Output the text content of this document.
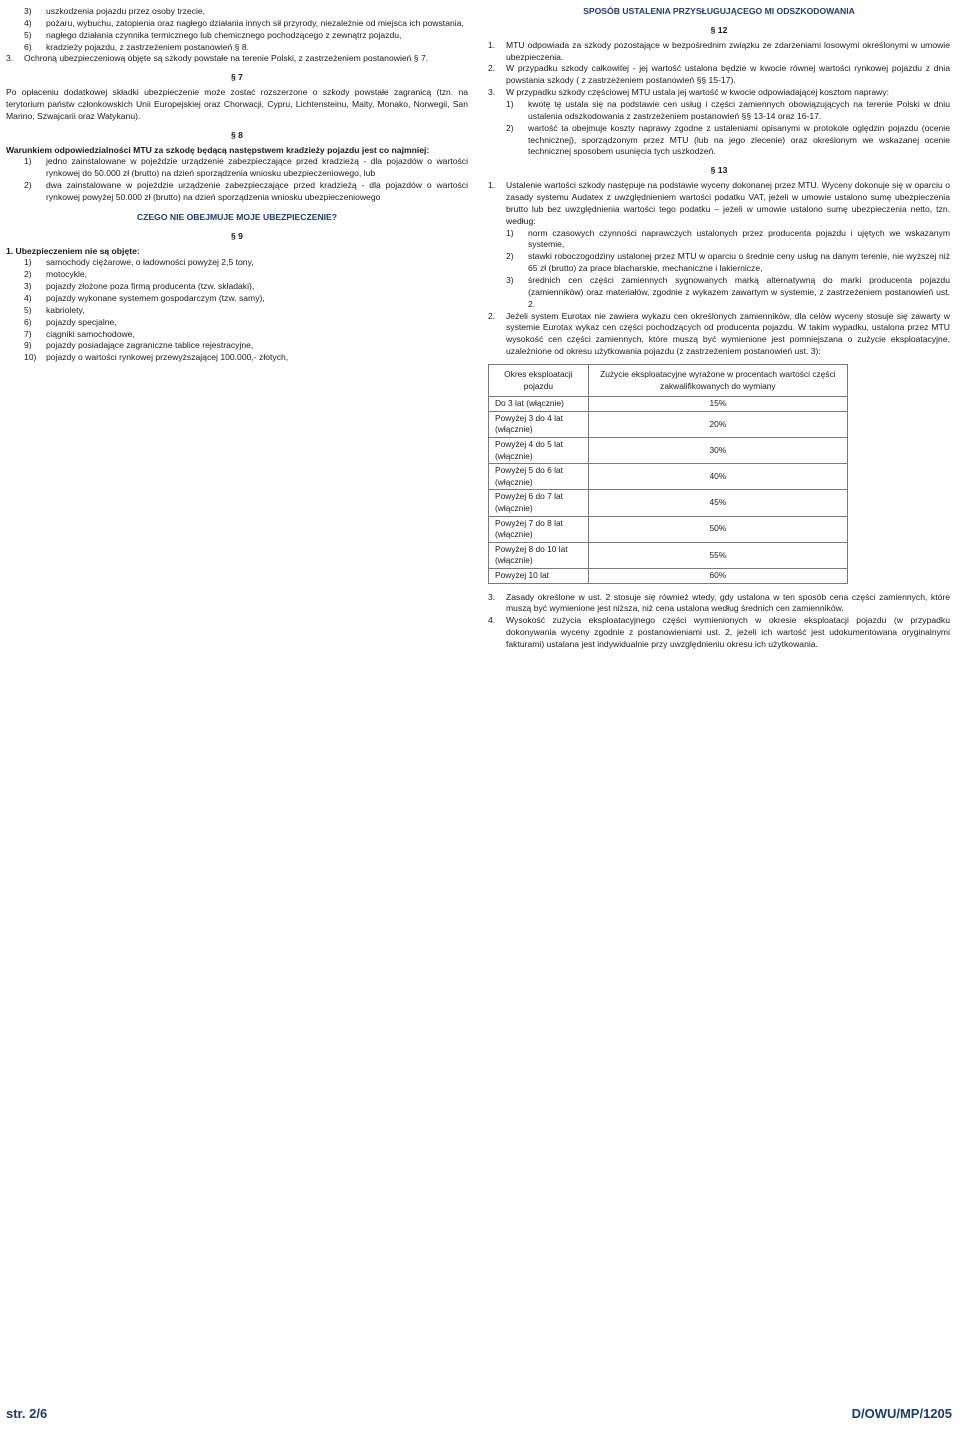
3)	uszkodzenia pojazdu przez osoby trzecie,
4)	pożaru, wybuchu, zatopienia oraz nagłego działania innych sił przyrody, niezależnie od miejsca ich powstania,
5)	nagłego działania czynnika termicznego lub chemicznego pochodzącego z zewnątrz pojazdu,
6)	kradzieży pojazdu, z zastrzeżeniem postanowień § 8.
3.	Ochroną ubezpieczeniową objęte są szkody powstałe na terenie Polski, z zastrzeżeniem postanowień § 7.
§ 7

Po opłaceniu dodatkowej składki ubezpieczenie może zostać rozszerzone o szkody powstałe zagranicą (tzn. na terytorium państw członkowskich Unii Europejskiej oraz Chorwacji, Cypru, Lichtensteinu, Malty, Monako, Norwegii, San Marino, Szwajcarii oraz Watykanu).

§ 8

Warunkiem odpowiedzialności MTU za szkodę będącą następstwem kradzieży pojazdu jest co najmniej:

1)	jedno zainstalowane w pojeździe urządzenie zabezpieczające przed kradzieżą - dla pojazdów o wartości rynkowej do 50.000 zł (brutto) na dzień sporządzenia wniosku ubezpieczeniowego, lub
2)	dwa zainstalowane w pojeździe urządzenie zabezpieczające przed kradzieżą - dla pojazdów o wartości rynkowej powyżej 50.000 zł (brutto) na dzień sporządzenia wniosku ubezpieczeniowego
CZEGO NIE OBEJMUJE MOJE UBEZPIECZENIE?
§ 9

1. Ubezpieczeniem nie są objęte:

1)	samochody ciężarowe, o ładowności powyżej 2,5 tony,
2)	motocykle,
3)	pojazdy złożone poza firmą producenta (tzw. składaki),
4)	pojazdy wykonane systemem gospodarczym (tzw. samy),
5)	kabriolety,
6)	pojazdy specjalne,
7)	ciągniki samochodowe,
9)	pojazdy posiadające zagraniczne tablice rejestracyjne,
10)	pojazdy o wartości rynkowej przewyższającej 100.000,- złotych,
SPOSÓB USTALENIA PRZYSŁUGUJĄCEGO MI ODSZKODOWANIA
§ 12
1.	MTU odpowiada za szkody pozostające w bezpośrednim związku ze zdarzeniami losowymi określonymi w umowie ubezpieczenia.
2.	W przypadku szkody całkowitej - jej wartość ustalona będzie w kwocie równej wartości rynkowej pojazdu z dnia powstania szkody ( z zastrzeżeniem postanowień §§ 15-17).
3.	W przypadku szkody częściowej MTU ustala jej wartość w kwocie odpowiadającej kosztom naprawy:
1)	kwotę tę ustala się na podstawie cen usług i części zamiennych obowiązujących na terenie Polski w dniu ustalenia odszkodowania z zastrzeżeniem postanowień §§ 13-14 oraz 16-17.
2)	wartość ta obejmuje koszty naprawy zgodne z ustaleniami opisanymi w protokole oględzin pojazdu (ocenie technicznej), sporządzonym przez MTU (lub na jego zlecenie) oraz określonym we wskazanej ocenie technicznej sposobem usunięcia tych uszkodzeń.
§ 13
1.	Ustalenie wartości szkody następuje na podstawie wyceny dokonanej przez MTU. Wyceny dokonuje się w oparciu o zasady systemu Audatex z uwzględnieniem wartości podatku VAT, jeżeli w umowie ustalono sumę ubezpieczenia brutto lub bez uwzględnienia wartości tego podatku – jeżeli w umowie ustalono sumę ubezpieczenia netto, tzn. według:
1)	norm czasowych czynności naprawczych ustalonych przez producenta pojazdu i ujętych we wskazanym systemie,
2)	stawki roboczogodziny ustalonej przez MTU w oparciu o średnie ceny usług na danym terenie, nie wyższej niż 65 zł (brutto) za prace blacharskie, mechaniczne i lakiernicze,
3)	średnich cen części zamiennych sygnowanych marką alternatywną do marki producenta pojazdu (zamienników) oraz materiałów, zgodnie z wykazem zawartym w systemie, z zastrzeżeniem postanowień ust. 2.
2.	Jeżeli system Eurotax nie zawiera wykazu cen określonych zamienników, dla celów wyceny stosuje się zawarty w systemie Eurotax wykaz cen części pochodzących od producenta pojazdu. W takim wypadku, ustalona przez MTU wysokość cen części zamiennych, które muszą być wymienione jest pomniejszana o zużycie eksploatacyjne, uzależnione od okresu użytkowania pojazdu (z zastrzeżeniem postanowień ust. 3):
Okres eksploatacji pojazdu	Zużycie eksploatacyjne wyrażone w procentach wartości części zakwalifikowanych do wymiany
Do 3 lat (włącznie)	15%
Powyżej 3 do 4 lat (włącznie)	20%
Powyżej 4 do 5 lat (włącznie)	30%
Powyżej 5 do 6 lat (włącznie)	40%
Powyżej 6 do 7 lat (włącznie)	45%
Powyżej 7 do 8 lat (włącznie)	50%
Powyżej 8 do 10 lat (włącznie)	55%
Powyżej 10 lat	60%
3.	Zasady określone w ust. 2 stosuje się również wtedy, gdy ustalona w ten sposób cena części zamiennych, które muszą być wymienione jest niższa, niż cena ustalona według średnich cen zamienników.
4.	Wysokość zużycia eksploatacyjnego części wymienionych w okresie eksploatacji pojazdu (w przypadku dokonywania wyceny zgodnie z postanowieniami ust. 2, jeżeli ich wartość jest udokumentowana oryginalnymi fakturami) ustalana jest indywidualnie przy uwzględnieniu okresu ich użytkowania.
str. 2/6	D/OWU/MP/1205
